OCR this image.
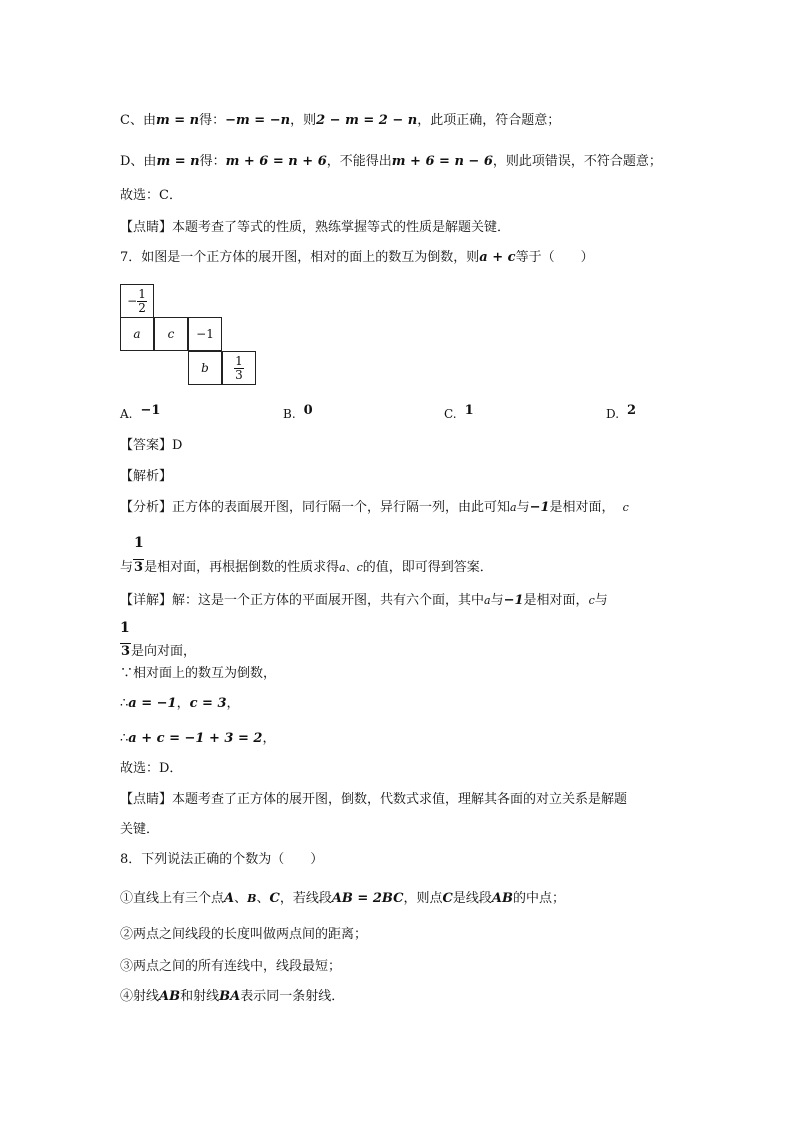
C、由m = n得：−m = −n，则2 − m = 2 − n，此项正确，符合题意；
D、由m = n得：m + 6 = n + 6，不能得出m + 6 = n − 6，则此项错误，不符合题意；
故选：C．
【点睛】本题考查了等式的性质，熟练掌握等式的性质是解题关键．
7．如图是一个正方体的展开图，相对的面上的数互为倒数，则a + c等于（　　）
− $\frac{1}{2}$
a c −1
b $\frac{1}{3}$
A. −1	B. 0	C. 1	D. 2
【答案】D
【解析】
【分析】正方体的表面展开图，同行隔一个，异行隔一列，由此可知a与−1是相对面， c
1
与3是相对面，再根据倒数的性质求得a、c的值，即可得到答案．
【详解】解：这是一个正方体的平面展开图，共有六个面，其中a与−1是相对面，c与
1
3是向对面，
∵相对面上的数互为倒数，
∴a = −1，c = 3，
∴a + c = −1 + 3 = 2，
故选：D．
【点睛】本题考查了正方体的展开图，倒数，代数式求值，理解其各面的对立关系是解题
关键．
8．下列说法正确的个数为（　　）
①直线上有三个点A、B、C，若线段AB = 2BC，则点C是线段AB的中点；
②两点之间线段的长度叫做两点间的距离；
③两点之间的所有连线中，线段最短；
④射线AB和射线BA表示同一条射线．
